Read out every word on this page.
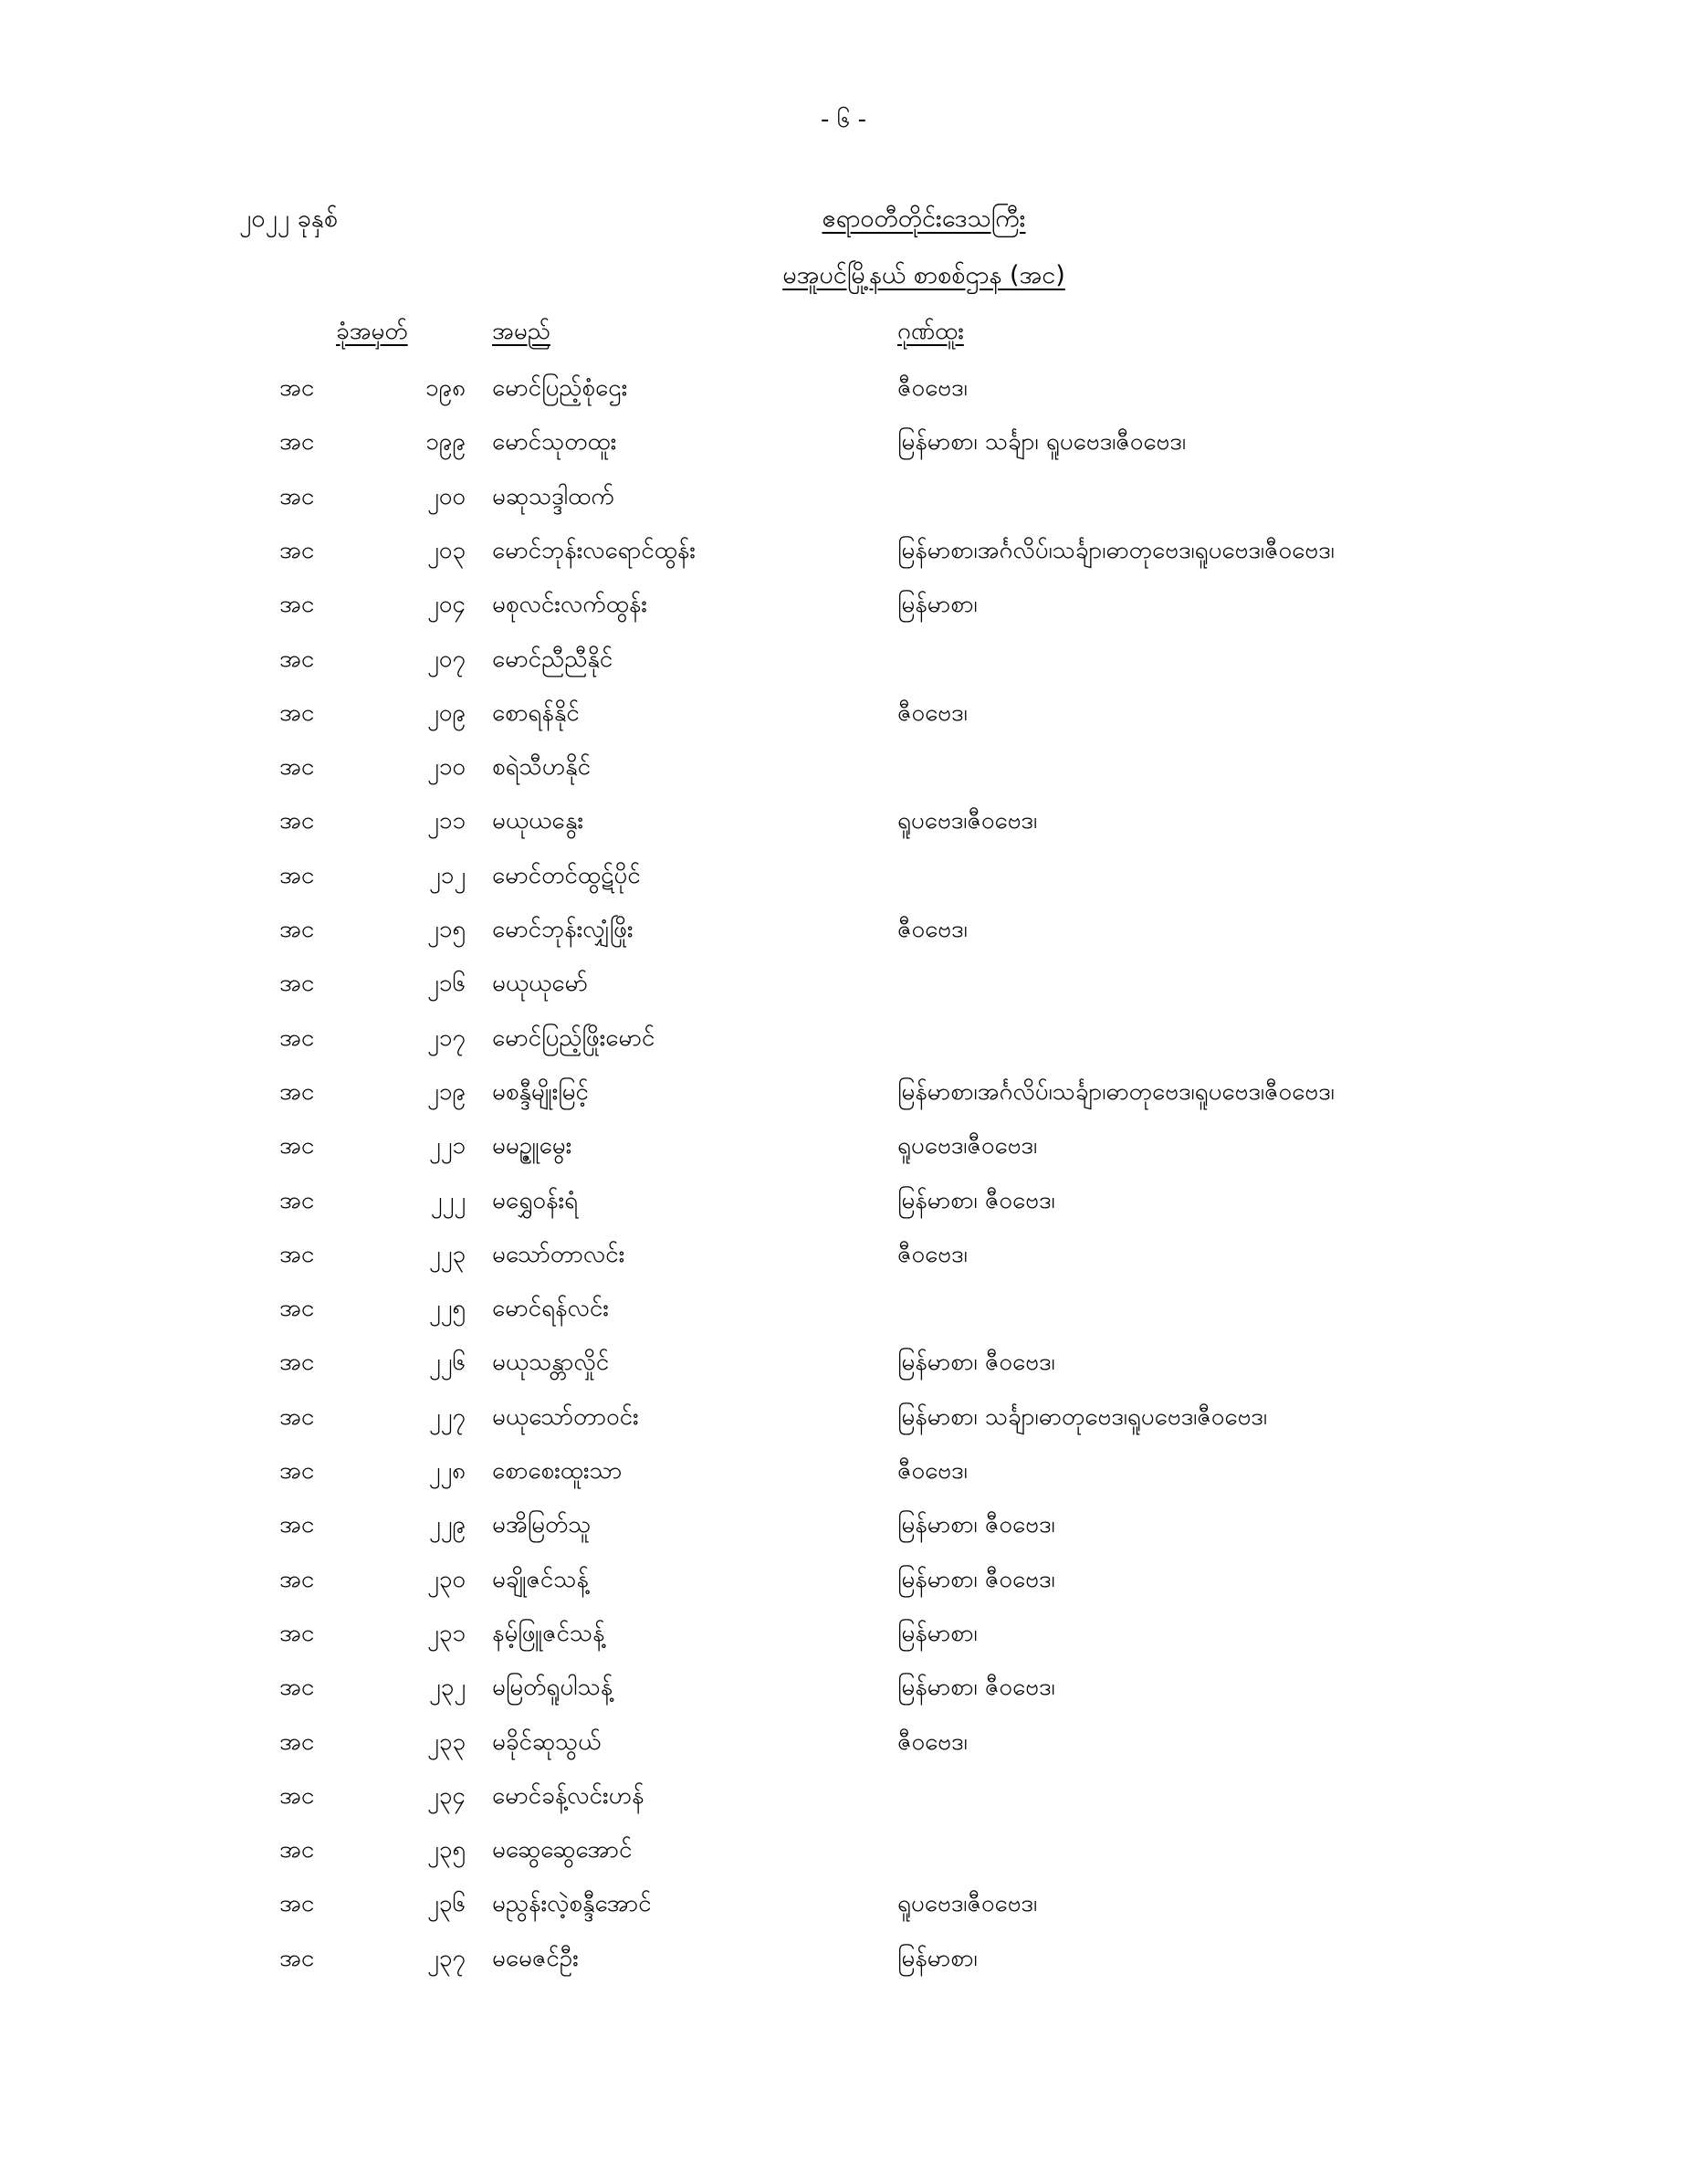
- ၆ -
၂၀၂၂ ခုနှစ်	ဧရာဝတီတိုင်းဒေသကြီး
မအူပင်မြို့နယ် စာစစ်ဌာန (အင)
ခုံအမှတ်	အမည်	ဂုဏ်ထူး
အင	၁၉၈ မောင်ပြည့်စုံဌေး	ဇီဝဗေဒ၊
အင	၁၉၉ မောင်သုတထူး	မြန်မာစာ၊ သင်္ချာ၊ ရူပဗေဒ၊ဇီဝဗေဒ၊
အင	၂၀၀ မဆုသဒ္ဒါထက်
အင	၂၀၃ မောင်ဘုန်းလရောင်ထွန်း	မြန်မာစာ၊အင်္ဂလိပ်၊သင်္ချာ၊ဓာတုဗေဒ၊ရူပဗေဒ၊ဇီဝဗေဒ၊
အင	၂၀၄ မစုလင်းလက်ထွန်း	မြန်မာစာ၊
အင	၂၀၇ မောင်ညီညီနိုင်
အင	၂၀၉ စောရန်နိုင်	ဇီဝဗေဒ၊
အင	၂၁၀ စရဲသီဟနိုင်
အင	၂၁၁ မယုယနွေး	ရူပဗေဒ၊ဇီဝဗေဒ၊
အင	၂၁၂ မောင်တင်ထွဋ်ပိုင်
အင	၂၁၅ မောင်ဘုန်းလျှံဖြိုး	ဇီဝဗေဒ၊
အင	၂၁၆ မယုယုမော်
အင	၂၁၇ မောင်ပြည့်ဖြိုးမောင်
အင	၂၁၉ မစန္ဒီမျိုးမြင့်	မြန်မာစာ၊အင်္ဂလိပ်၊သင်္ချာ၊ဓာတုဗေဒ၊ရူပဗေဒ၊ဇီဝဗေဒ၊
အင	၂၂၁ မမဥ္ဇူမွေး	ရူပဗေဒ၊ဇီဝဗေဒ၊
အင	၂၂၂ မရွှေဝန်းရံ	မြန်မာစာ၊ ဇီဝဗေဒ၊
အင	၂၂၃ မသော်တာလင်း	ဇီဝဗေဒ၊
အင	၂၂၅ မောင်ရန်လင်း
အင	၂၂၆ မယုသန္တာလှိုင်	မြန်မာစာ၊ ဇီဝဗေဒ၊
အင	၂၂၇ မယုသော်တာဝင်း	မြန်မာစာ၊ သင်္ချာ၊ဓာတုဗေဒ၊ရူပဗေဒ၊ဇီဝဗေဒ၊
အင	၂၂၈ စောစေးထူးသာ	ဇီဝဗေဒ၊
အင	၂၂၉ မအိမြတ်သူ	မြန်မာစာ၊ ဇီဝဗေဒ၊
အင	၂၃၀ မချိုဇင်သန့်	မြန်မာစာ၊ ဇီဝဗေဒ၊
အင	၂၃၁ နမ့်ဖြူဇင်သန့်	မြန်မာစာ၊
အင	၂၃၂ မမြတ်ရူပါသန့်	မြန်မာစာ၊ ဇီဝဗေဒ၊
အင	၂၃၃ မခိုင်ဆုသွယ်	ဇီဝဗေဒ၊
အင	၂၃၄ မောင်ခန့်လင်းဟန်
အင	၂၃၅ မဆွေဆွေအောင်
အင	၂၃၆ မညွန်းလဲ့စန္ဒီအောင်	ရူပဗေဒ၊ဇီဝဗေဒ၊
အင	၂၃၇ မမေဇင်ဦး	မြန်မာစာ၊
